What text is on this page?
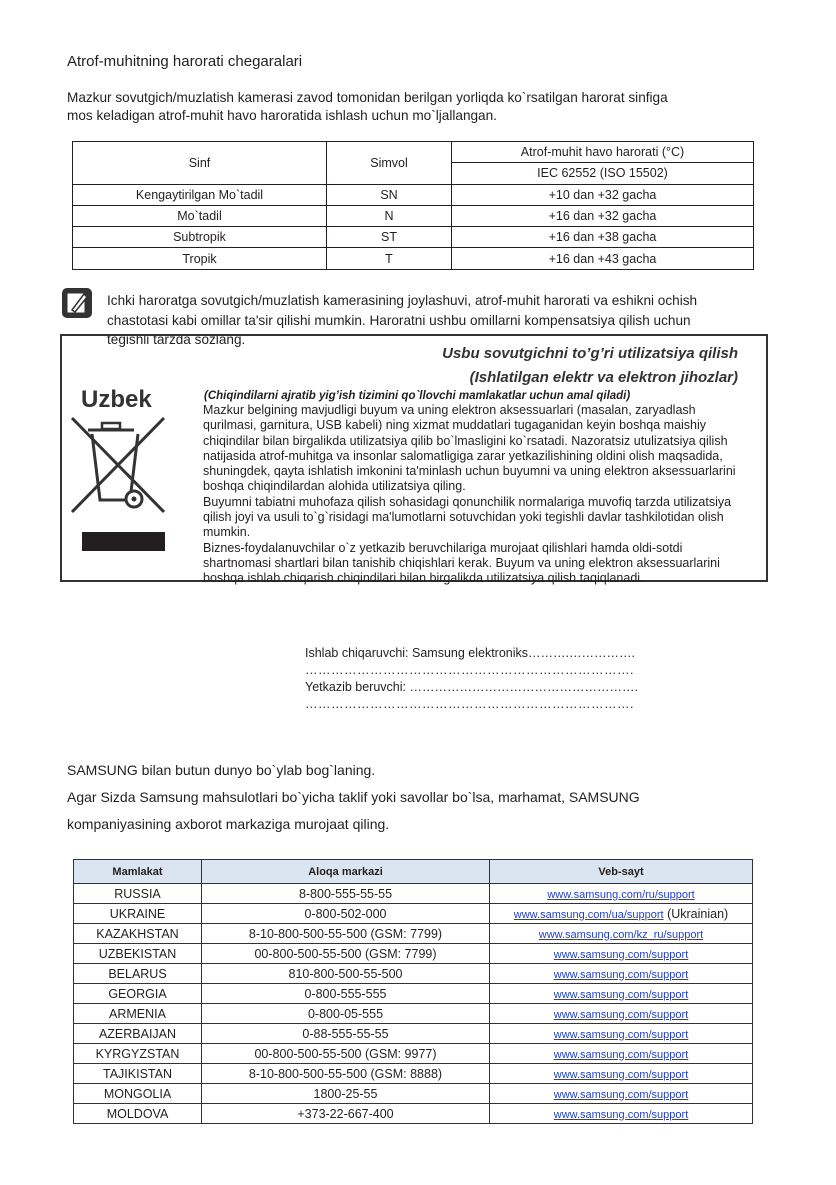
Atrof-muhitning harorati chegaralari
Mazkur sovutgich/muzlatish kamerasi zavod tomonidan berilgan yorliqda ko`rsatilgan harorat sinfiga
mos keladigan atrof-muhit havo haroratida ishlash uchun mo`ljallangan.
Sinf	Simvol	Atrof-muhit havo harorati (°C)
		IEC 62552 (ISO 15502)
Kengaytirilgan Mo`tadil	SN	+10 dan +32 gacha
Mo`tadil	N	+16 dan +32 gacha
Subtropik	ST	+16 dan +38 gacha
Tropik	T	+16 dan +43 gacha
Ichki haroratga sovutgich/muzlatish kamerasining joylashuvi, atrof-muhit harorati va eshikni ochish
chastotasi kabi omillar ta'sir qilishi mumkin. Haroratni ushbu omillarni kompensatsiya qilish uchun
tegishli tarzda sozlang.
Usbu sovutgichni to’g’ri utilizatsiya qilish
(Ishlatilgan elektr va elektron jihozlar)
Uzbek	(Chiqindilarni ajratib yig’ish tizimini qo`llovchi mamlakatlar uchun amal qiladi)
Mazkur belgining mavjudligi buyum va uning elektron aksessuarlari (masalan, zaryadlash
qurilmasi, garnitura, USB kabeli) ning xizmat muddatlari tugaganidan keyin boshqa maishiy
chiqindilar bilan birgalikda utilizatsiya qilib bo`lmasligini ko`rsatadi. Nazoratsiz utulizatsiya qilish
natijasida atrof-muhitga va insonlar salomatligiga zarar yetkazilishining oldini olish maqsadida,
shuningdek, qayta ishlatish imkonini ta'minlash uchun buyumni va uning elektron aksessuarlarini
boshqa chiqindilardan alohida utilizatsiya qiling.
Buyumni tabiatni muhofaza qilish sohasidagi qonunchilik normalariga muvofiq tarzda utilizatsiya
qilish joyi va usuli to`g`risidagi ma'lumotlarni sotuvchidan yoki tegishli davlar tashkilotidan olish
mumkin.
Biznes-foydalanuvchilar o`z yetkazib beruvchilariga murojaat qilishlari hamda oldi-sotdi
shartnomasi shartlari bilan tanishib chiqishlari kerak. Buyum va uning elektron aksessuarlarini
boshqa ishlab chiqarish chiqindilari bilan birgalikda utilizatsiya qilish taqiqlanadi.
Ishlab chiqaruvchi: Samsung elektroniks……….…………….
………………………………………………………………….
Yetkazib beruvchi: ……………………………………………….
………………………………………………………………….
SAMSUNG bilan butun dunyo bo`ylab bog`laning.
Agar Sizda Samsung mahsulotlari bo`yicha taklif yoki savollar bo`lsa, marhamat, SAMSUNG
kompaniyasining axborot markaziga murojaat qiling.
Mamlakat	Aloqa markazi	Veb-sayt
RUSSIA	8-800-555-55-55	www.samsung.com/ru/support
UKRAINE	0-800-502-000	www.samsung.com/ua/support (Ukrainian)
KAZAKHSTAN	8-10-800-500-55-500 (GSM: 7799)	www.samsung.com/kz_ru/support
UZBEKISTAN	00-800-500-55-500 (GSM: 7799)	www.samsung.com/support
BELARUS	810-800-500-55-500	www.samsung.com/support
GEORGIA	0-800-555-555	www.samsung.com/support
ARMENIA	0-800-05-555	www.samsung.com/support
AZERBAIJAN	0-88-555-55-55	www.samsung.com/support
KYRGYZSTAN	00-800-500-55-500 (GSM: 9977)	www.samsung.com/support
TAJIKISTAN	8-10-800-500-55-500 (GSM: 8888)	www.samsung.com/support
MONGOLIA	1800-25-55	www.samsung.com/support
MOLDOVA	+373-22-667-400	www.samsung.com/support
